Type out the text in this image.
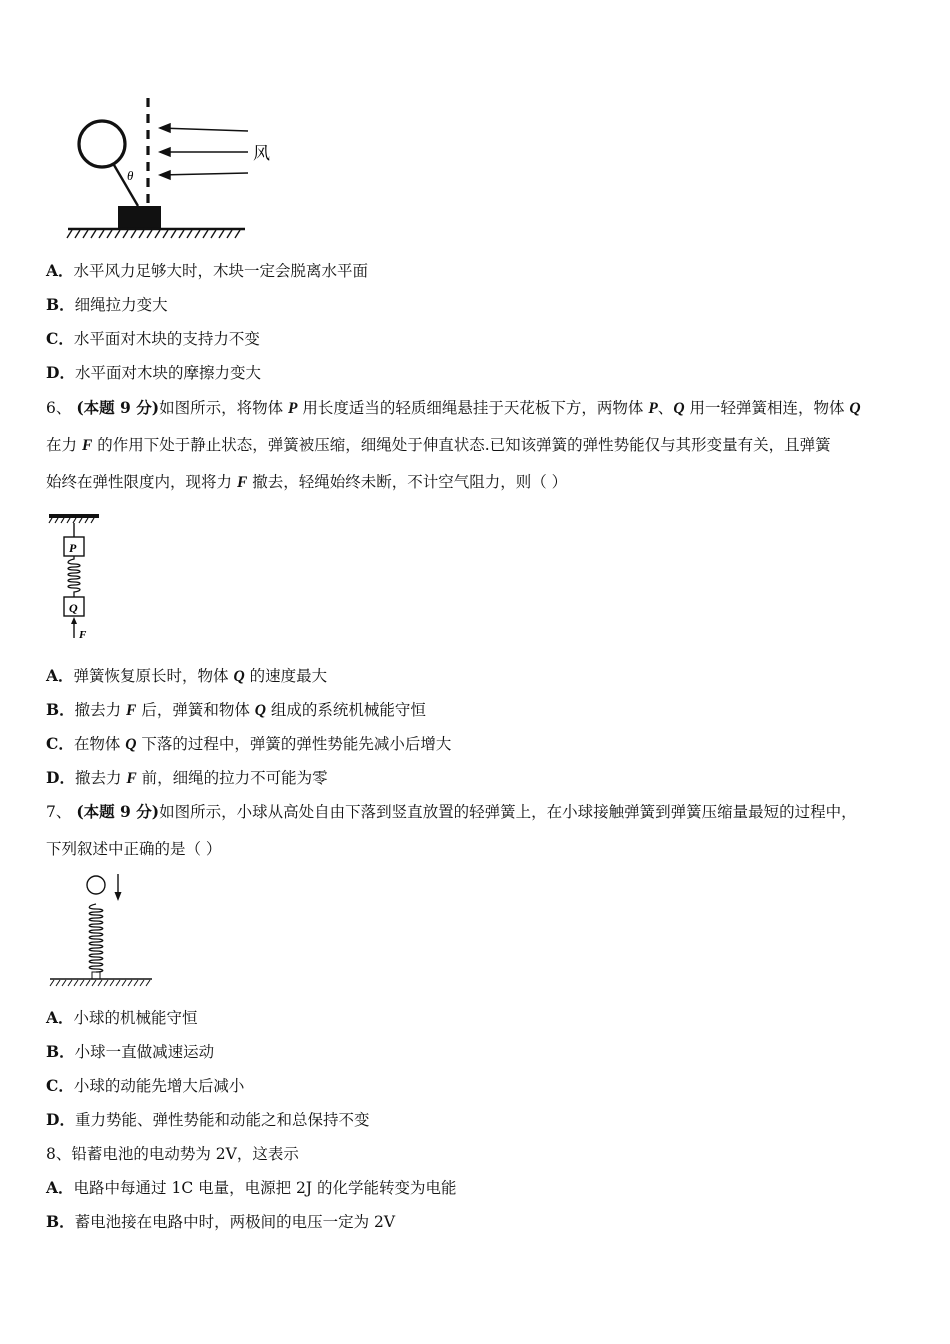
风
θ
A．水平风力足够大时，木块一定会脱离水平面
B．细绳拉力变大
C．水平面对木块的支持力不变
D．水平面对木块的摩擦力变大
6、 (本题 9 分)如图所示，将物体 P 用长度适当的轻质细绳悬挂于天花板下方，两物体 P、Q 用一轻弹簧相连，物体 Q
在力 F 的作用下处于静止状态，弹簧被压缩，细绳处于伸直状态.已知该弹簧的弹性势能仅与其形变量有关，且弹簧
始终在弹性限度内，现将力 F 撤去，轻绳始终未断，不计空气阻力，则（ ）
P
Q
F
A．弹簧恢复原长时，物体 Q 的速度最大
B．撤去力 F 后，弹簧和物体 Q 组成的系统机械能守恒
C．在物体 Q 下落的过程中，弹簧的弹性势能先减小后增大
D．撤去力 F 前，细绳的拉力不可能为零
7、 (本题 9 分)如图所示，小球从高处自由下落到竖直放置的轻弹簧上，在小球接触弹簧到弹簧压缩量最短的过程中，
下列叙述中正确的是（ ）
A．小球的机械能守恒
B．小球一直做减速运动
C．小球的动能先增大后减小
D．重力势能、弹性势能和动能之和总保持不变
8、铅蓄电池的电动势为 2V，这表示
A．电路中每通过 1C 电量，电源把 2J 的化学能转变为电能
B．蓄电池接在电路中时，两极间的电压一定为 2V
